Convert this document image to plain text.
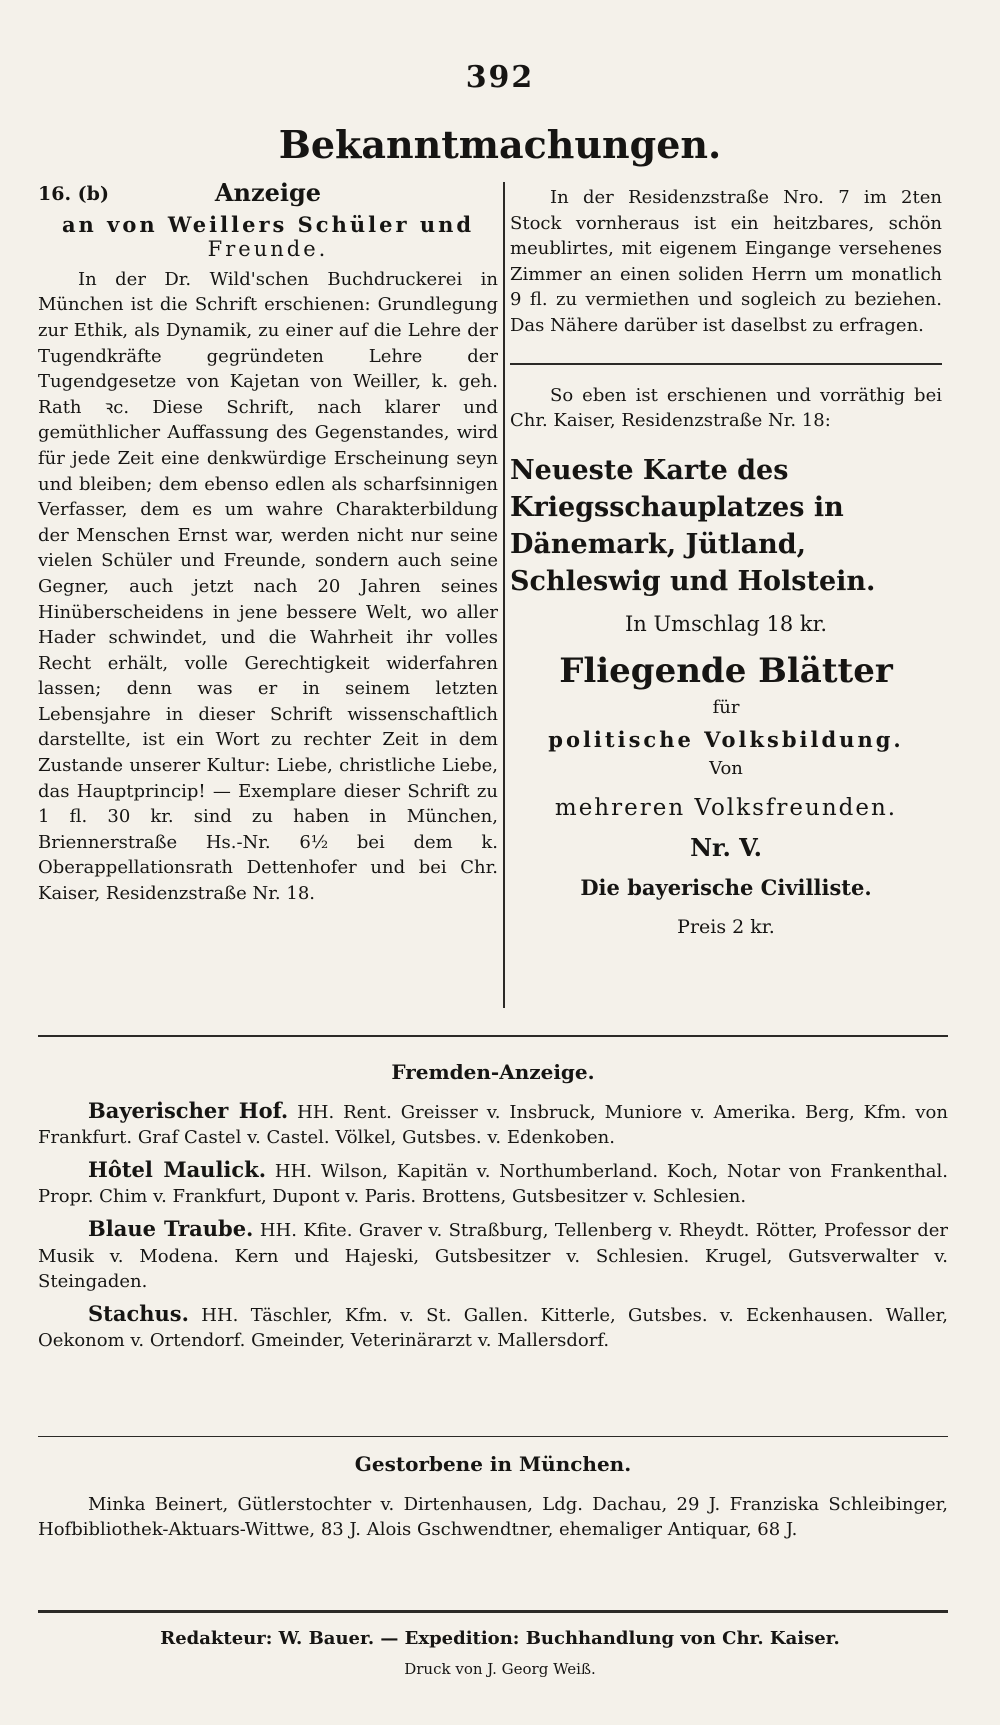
392
Bekanntmachungen.
16. (b)	Anzeige

an von Weillers Schüler und

Freunde.

In der Dr. Wild'schen Buchdruckerei in München ist die Schrift erschienen: Grundlegung zur Ethik, als Dynamik, zu einer auf die Lehre der Tugendkräfte gegründeten Lehre der Tugendgesetze von Kajetan von Weiller, k. geh. Rath ꝛc. Diese Schrift, nach klarer und gemüthlicher Auffassung des Gegenstandes, wird für jede Zeit eine denkwürdige Erscheinung seyn und bleiben; dem ebenso edlen als scharfsinnigen Verfasser, dem es um wahre Charakterbildung der Menschen Ernst war, werden nicht nur seine vielen Schüler und Freunde, sondern auch seine Gegner, auch jetzt nach 20 Jahren seines Hinüberscheidens in jene bessere Welt, wo aller Hader schwindet, und die Wahrheit ihr volles Recht erhält, volle Gerechtigkeit widerfahren lassen; denn was er in seinem letzten Lebensjahre in dieser Schrift wissenschaftlich darstellte, ist ein Wort zu rechter Zeit in dem Zustande unserer Kultur: Liebe, christliche Liebe, das Hauptprincip! — Exemplare dieser Schrift zu 1 fl. 30 kr. sind zu haben in München, Briennerstraße Hs.-Nr. 6½ bei dem k. Oberappellationsrath Dettenhofer und bei Chr. Kaiser, Residenzstraße Nr. 18.

In der Residenzstraße Nro. 7 im 2ten Stock vornheraus ist ein heitzbares, schön meublirtes, mit eigenem Eingange versehenes Zimmer an einen soliden Herrn um monatlich 9 fl. zu vermiethen und sogleich zu beziehen. Das Nähere darüber ist daselbst zu erfragen.

So eben ist erschienen und vorräthig bei Chr. Kaiser, Residenzstraße Nr. 18:

Neueste Karte des Kriegsschauplatzes in Dänemark, Jütland, Schleswig und Holstein.

In Umschlag 18 kr.

Fliegende Blätter

für

politische Volksbildung.

Von

mehreren Volksfreunden.

Nr. V.

Die bayerische Civilliste.

Preis 2 kr.

Fremden-Anzeige.

Bayerischer Hof. HH. Rent. Greisser v. Insbruck, Muniore v. Amerika. Berg, Kfm. von Frankfurt. Graf Castel v. Castel. Völkel, Gutsbes. v. Edenkoben.

Hôtel Maulick. HH. Wilson, Kapitän v. Northumberland. Koch, Notar von Frankenthal. Propr. Chim v. Frankfurt, Dupont v. Paris. Brottens, Gutsbesitzer v. Schlesien.

Blaue Traube. HH. Kfite. Graver v. Straßburg, Tellenberg v. Rheydt. Rötter, Professor der Musik v. Modena. Kern und Hajeski, Gutsbesitzer v. Schlesien. Krugel, Gutsverwalter v. Steingaden.

Stachus. HH. Täschler, Kfm. v. St. Gallen. Kitterle, Gutsbes. v. Eckenhausen. Waller, Oekonom v. Ortendorf. Gmeinder, Veterinärarzt v. Mallersdorf.

Gestorbene in München.

Minka Beinert, Gütlerstochter v. Dirtenhausen, Ldg. Dachau, 29 J. Franziska Schleibinger, Hofbibliothek-Aktuars-Wittwe, 83 J. Alois Gschwendtner, ehemaliger Antiquar, 68 J.

Redakteur: W. Bauer. — Expedition: Buchhandlung von Chr. Kaiser.
Druck von J. Georg Weiß.
